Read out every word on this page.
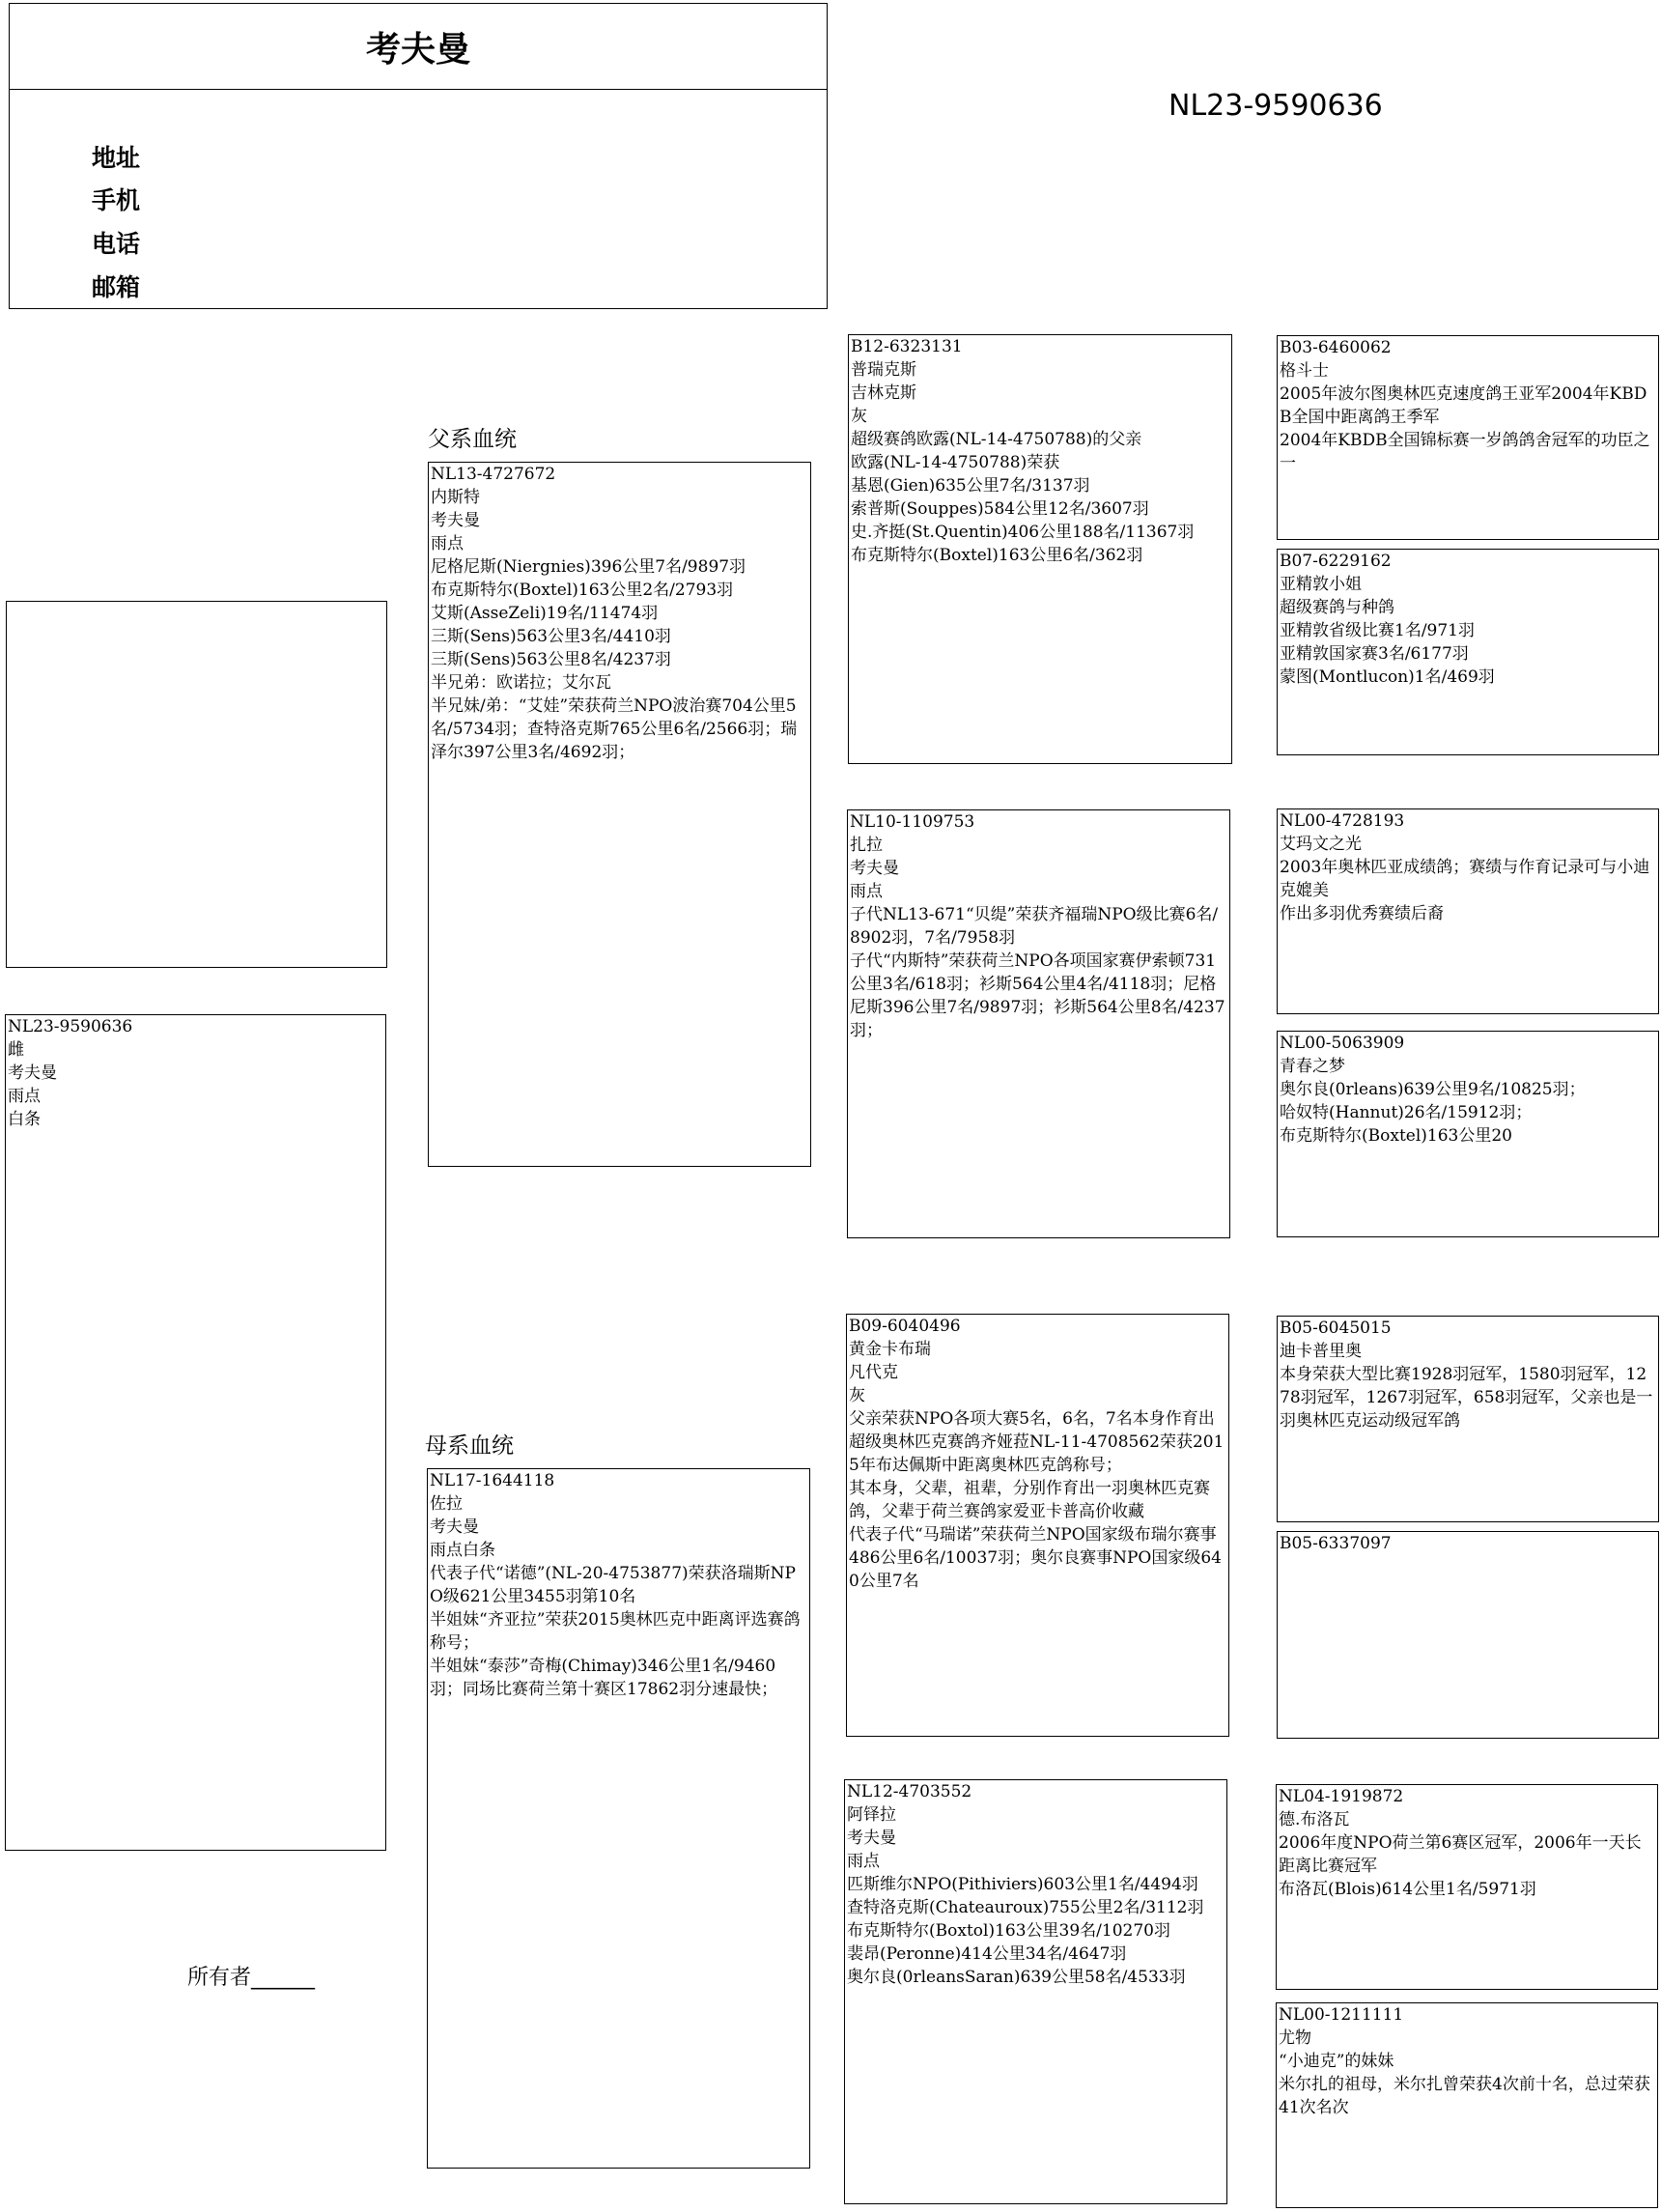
考夫曼
地址
手机
电话
邮箱
NL23-9590636
父系血统
母系血统
所有者______
NL23-9590636
雌
考夫曼
雨点
白条
NL13-4727672
内斯特
考夫曼
雨点
尼格尼斯(Niergnies)396公里7名/9897羽
布克斯特尔(Boxtel)163公里2名/2793羽
艾斯(AsseZeli)19名/11474羽
三斯(Sens)563公里3名/4410羽
三斯(Sens)563公里8名/4237羽
半兄弟：欧诺拉；艾尔瓦
半兄妹/弟：“艾娃”荣获荷兰NPO波治赛704公里5名/5734羽；查特洛克斯765公里6名/2566羽；瑞泽尔397公里3名/4692羽；
NL17-1644118
佐拉
考夫曼
雨点白条
代表子代“诺德”(NL-20-4753877)荣获洛瑞斯NPO级621公里3455羽第10名
半姐妹“齐亚拉”荣获2015奥林匹克中距离评选赛鸽称号；
半姐妹“泰莎”奇梅(Chimay)346公里1名/9460羽；同场比赛荷兰第十赛区17862羽分速最快；
B12-6323131
普瑞克斯
吉林克斯
灰
超级赛鸽欧露(NL-14-4750788)的父亲
欧露(NL-14-4750788)荣获
基恩(Gien)635公里7名/3137羽
索普斯(Souppes)584公里12名/3607羽
史.齐挺(St.Quentin)406公里188名/11367羽
布克斯特尔(Boxtel)163公里6名/362羽
NL10-1109753
扎拉
考夫曼
雨点
子代NL13-671“贝缇”荣获齐福瑞NPO级比赛6名/8902羽，7名/7958羽
子代“内斯特”荣获荷兰NPO各项国家赛伊索顿731公里3名/618羽；衫斯564公里4名/4118羽；尼格尼斯396公里7名/9897羽；衫斯564公里8名/4237羽；
B09-6040496
黄金卡布瑞
凡代克
灰
父亲荣获NPO各项大赛5名，6名，7名本身作育出超级奥林匹克赛鸽齐娅菈NL-11-4708562荣获2015年布达佩斯中距离奥林匹克鸽称号；
其本身，父辈，祖辈，分别作育出一羽奥林匹克赛鸽，父辈于荷兰赛鸽家爱亚卡普高价收藏
代表子代“马瑞诺”荣获荷兰NPO国家级布瑞尔赛事486公里6名/10037羽；奥尔良赛事NPO国家级640公里7名
NL12-4703552
阿铎拉
考夫曼
雨点
匹斯维尔NPO(Pithiviers)603公里1名/4494羽
查特洛克斯(Chateauroux)755公里2名/3112羽
布克斯特尔(Boxtol)163公里39名/10270羽
裴昂(Peronne)414公里34名/4647羽
奥尔良(0rleansSaran)639公里58名/4533羽
B03-6460062
格斗士
2005年波尔图奥林匹克速度鸽王亚军2004年KBDB全国中距离鸽王季军
2004年KBDB全国锦标赛一岁鸽鸽舍冠军的功臣之一
B07-6229162
亚精敦小姐
超级赛鸽与种鸽
亚精敦省级比赛1名/971羽
亚精敦国家赛3名/6177羽
蒙图(Montlucon)1名/469羽
NL00-4728193
艾玛文之光
2003年奥林匹亚成绩鸽；赛绩与作育记录可与小迪克媲美
作出多羽优秀赛绩后裔
NL00-5063909
青春之梦
奥尔良(0rleans)639公里9名/10825羽；
哈奴特(Hannut)26名/15912羽；
布克斯特尔(Boxtel)163公里20
B05-6045015
迪卡普里奥
本身荣获大型比赛1928羽冠军，1580羽冠军，1278羽冠军，1267羽冠军，658羽冠军，父亲也是一羽奥林匹克运动级冠军鸽
B05-6337097
NL04-1919872
德.布洛瓦
2006年度NPO荷兰第6赛区冠军，2006年一天长距离比赛冠军
布洛瓦(Blois)614公里1名/5971羽
NL00-1211111
尤物
“小迪克”的妹妹
米尔扎的祖母，米尔扎曾荣获4次前十名，总过荣获41次名次
